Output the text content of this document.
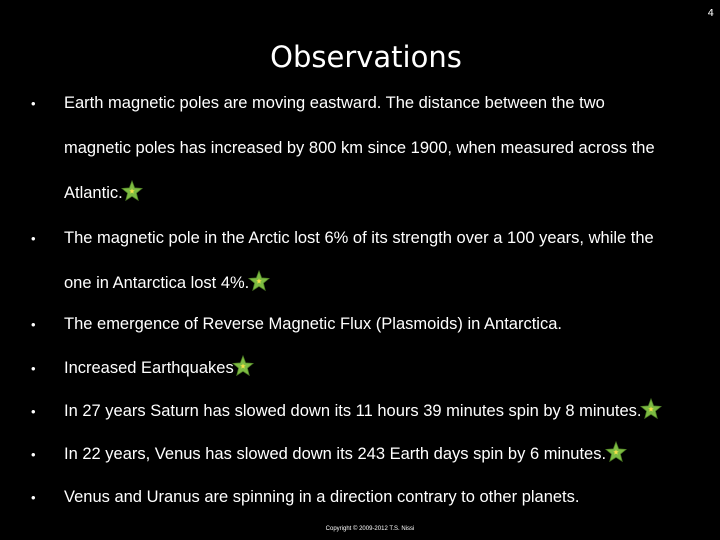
4
Observations
• Earth magnetic poles are moving eastward. The distance between the two
magnetic poles has increased by 800 km since 1900, when measured across the
Atlantic.
• The magnetic pole in the Arctic lost 6% of its strength over a 100 years, while the
one in Antarctica lost 4%.
• The emergence of Reverse Magnetic Flux (Plasmoids) in Antarctica.
• Increased Earthquakes
• In 27 years Saturn has slowed down its 11 hours 39 minutes spin by 8 minutes.
• In 22 years, Venus has slowed down its 243 Earth days spin by 6 minutes.
• Venus and Uranus are spinning in a direction contrary to other planets.
Copyright © 2009-2012 T.S. Nissi
